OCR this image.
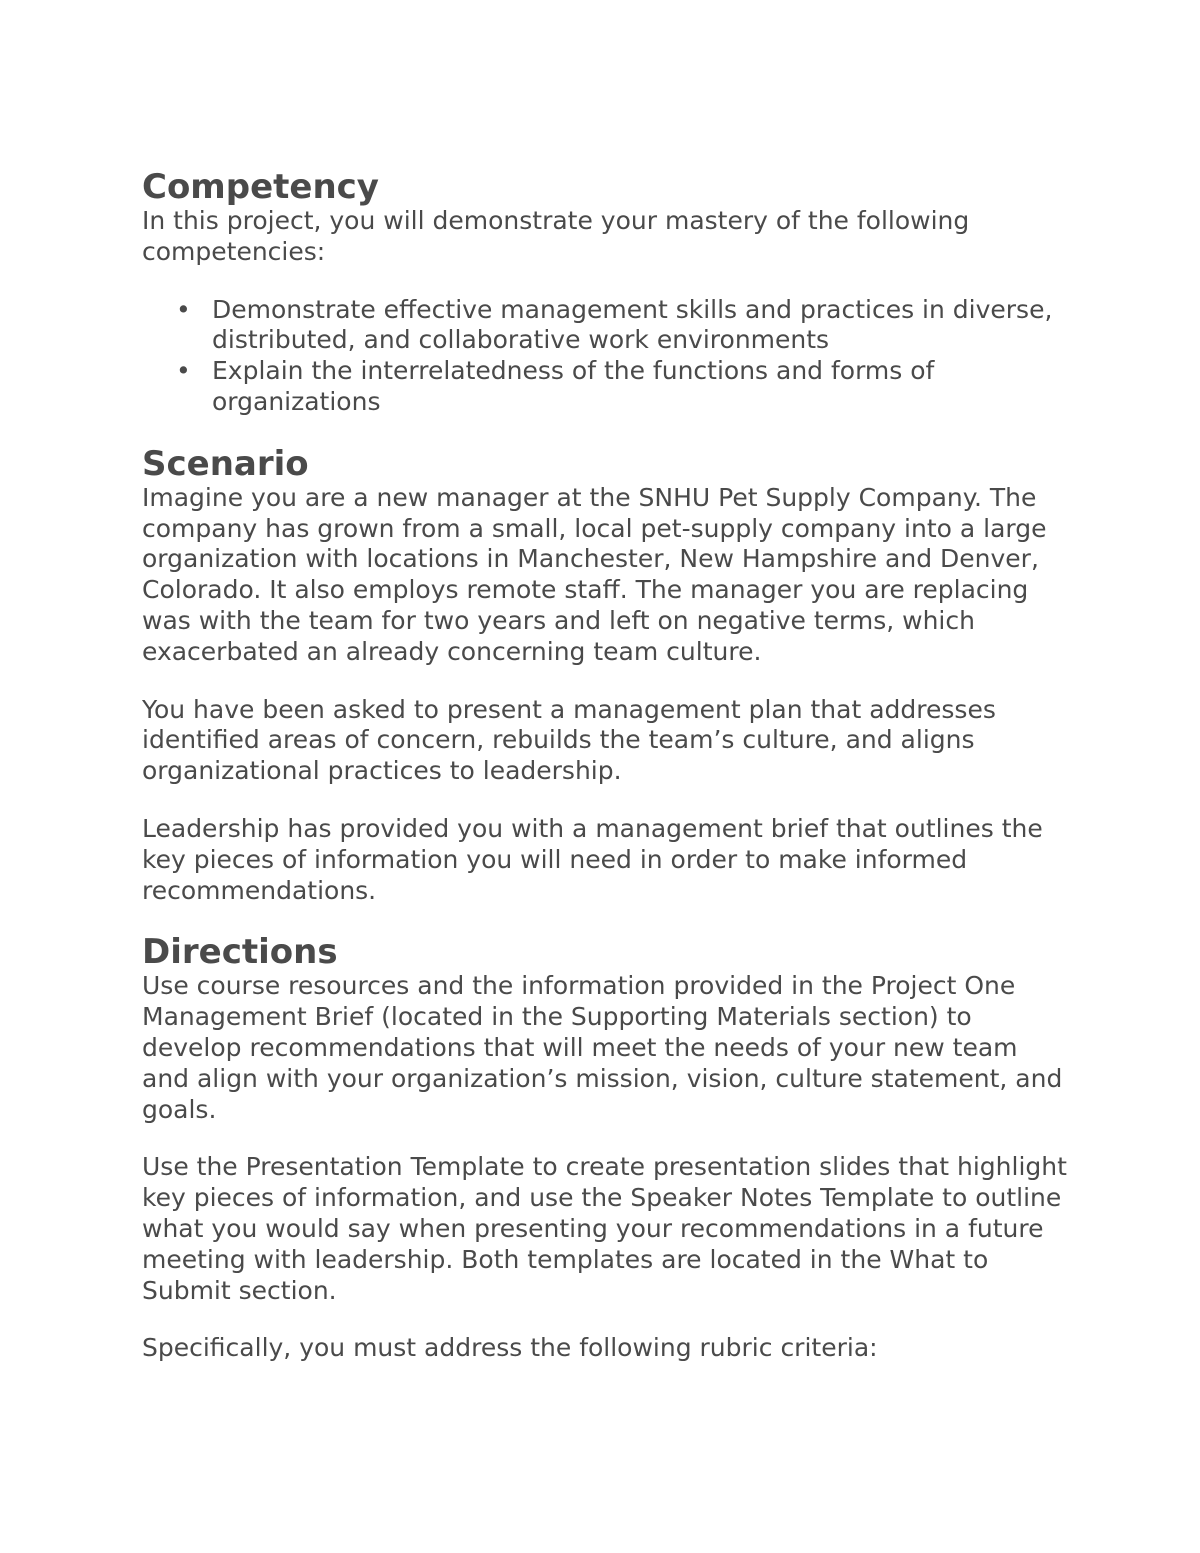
Competency

In this project, you will demonstrate your mastery of the following competencies:

• Demonstrate effective management skills and practices in diverse, distributed, and collaborative work environments
• Explain the interrelatedness of the functions and forms of organizations
Scenario

Imagine you are a new manager at the SNHU Pet Supply Company. The company has grown from a small, local pet-supply company into a large organization with locations in Manchester, New Hampshire and Denver, Colorado. It also employs remote staff. The manager you are replacing was with the team for two years and left on negative terms, which exacerbated an already concerning team culture.

You have been asked to present a management plan that addresses identified areas of concern, rebuilds the team’s culture, and aligns organizational practices to leadership.

Leadership has provided you with a management brief that outlines the key pieces of information you will need in order to make informed recommendations.

Directions

Use course resources and the information provided in the Project One Management Brief (located in the Supporting Materials section) to develop recommendations that will meet the needs of your new team and align with your organization’s mission, vision, culture statement, and goals.

Use the Presentation Template to create presentation slides that highlight key pieces of information, and use the Speaker Notes Template to outline what you would say when presenting your recommendations in a future meeting with leadership. Both templates are located in the What to Submit section.

Specifically, you must address the following rubric criteria:
